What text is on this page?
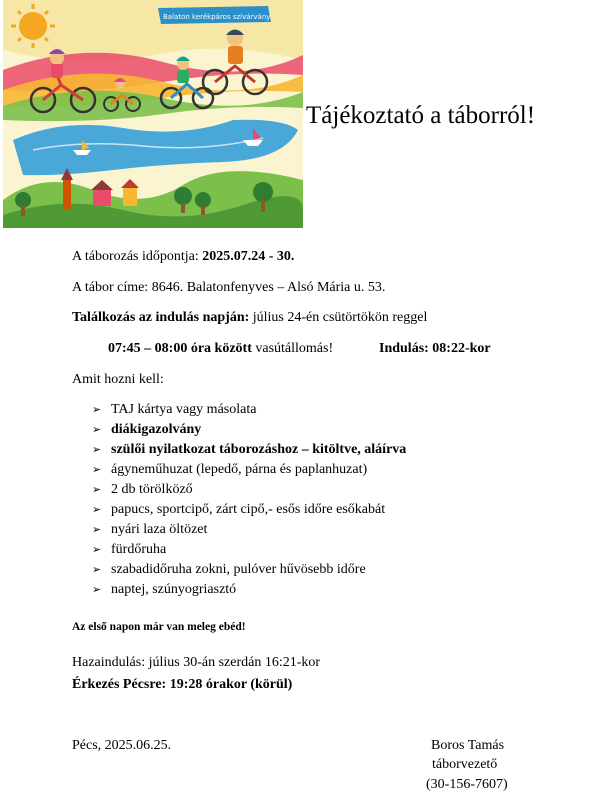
Balaton kerékpáros szivárvány
Tájékoztató a táborról!
A táborozás időpontja: 2025.07.24 - 30.
A tábor címe: 8646. Balatonfenyves – Alsó Mária u. 53.
Találkozás az indulás napján: július 24-én csütörtökön reggel
07:45 – 08:00 óra között vasútállomás!	Indulás: 08:22-kor
Amit hozni kell:
➢ TAJ kártya vagy másolata
➢ diákigazolvány
➢ szülői nyilatkozat táborozáshoz – kitöltve, aláírva
➢ ágyneműhuzat (lepedő, párna és paplanhuzat)
➢ 2 db törölköző
➢ papucs, sportcipő, zárt cipő,- esős időre esőkabát
➢ nyári laza öltözet
➢ fürdőruha
➢ szabadidőruha zokni, pulóver hűvösebb időre
➢ naptej, szúnyogriasztó
Az első napon már van meleg ebéd!
Hazaindulás: július 30-án szerdán 16:21-kor
Érkezés Pécsre: 19:28 órakor (körül)
Pécs, 2025.06.25.	Boros Tamás
táborvezető
(30-156-7607)
